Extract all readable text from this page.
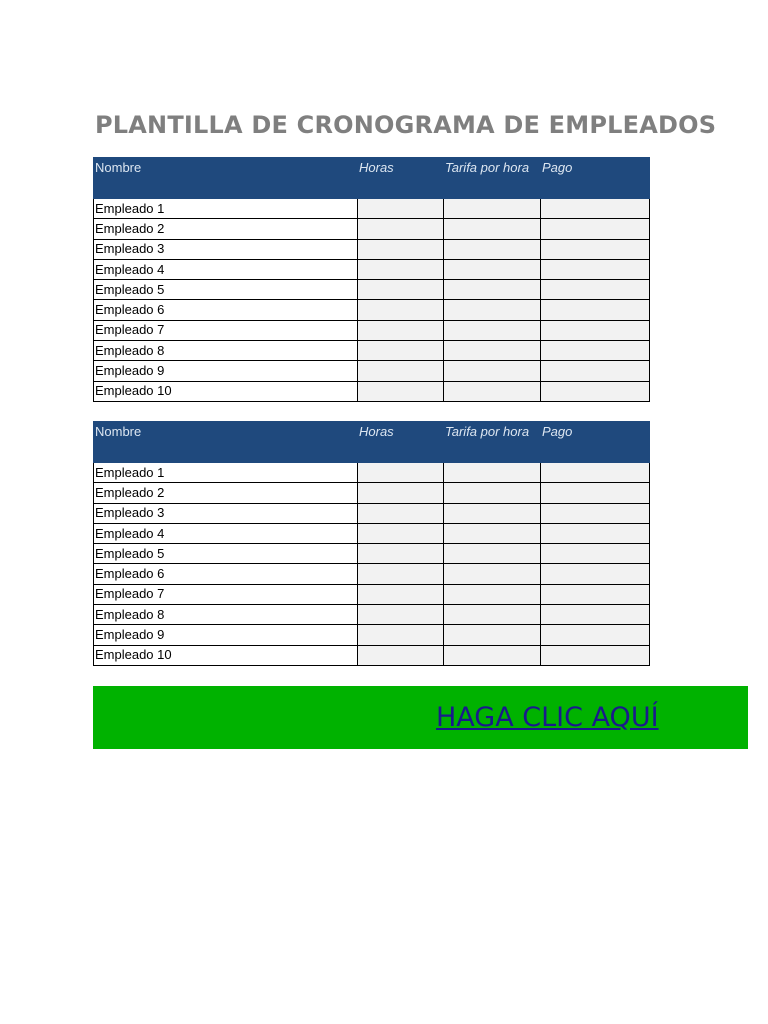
PLANTILLA DE CRONOGRAMA DE EMPLEADOS
Nombre	Horas	Tarifa por hora	Pago
Empleado 1			
Empleado 2			
Empleado 3			
Empleado 4			
Empleado 5			
Empleado 6			
Empleado 7			
Empleado 8			
Empleado 9			
Empleado 10			
Nombre	Horas	Tarifa por hora	Pago
Empleado 1			
Empleado 2			
Empleado 3			
Empleado 4			
Empleado 5			
Empleado 6			
Empleado 7			
Empleado 8			
Empleado 9			
Empleado 10			
HAGA CLIC AQUÍ
